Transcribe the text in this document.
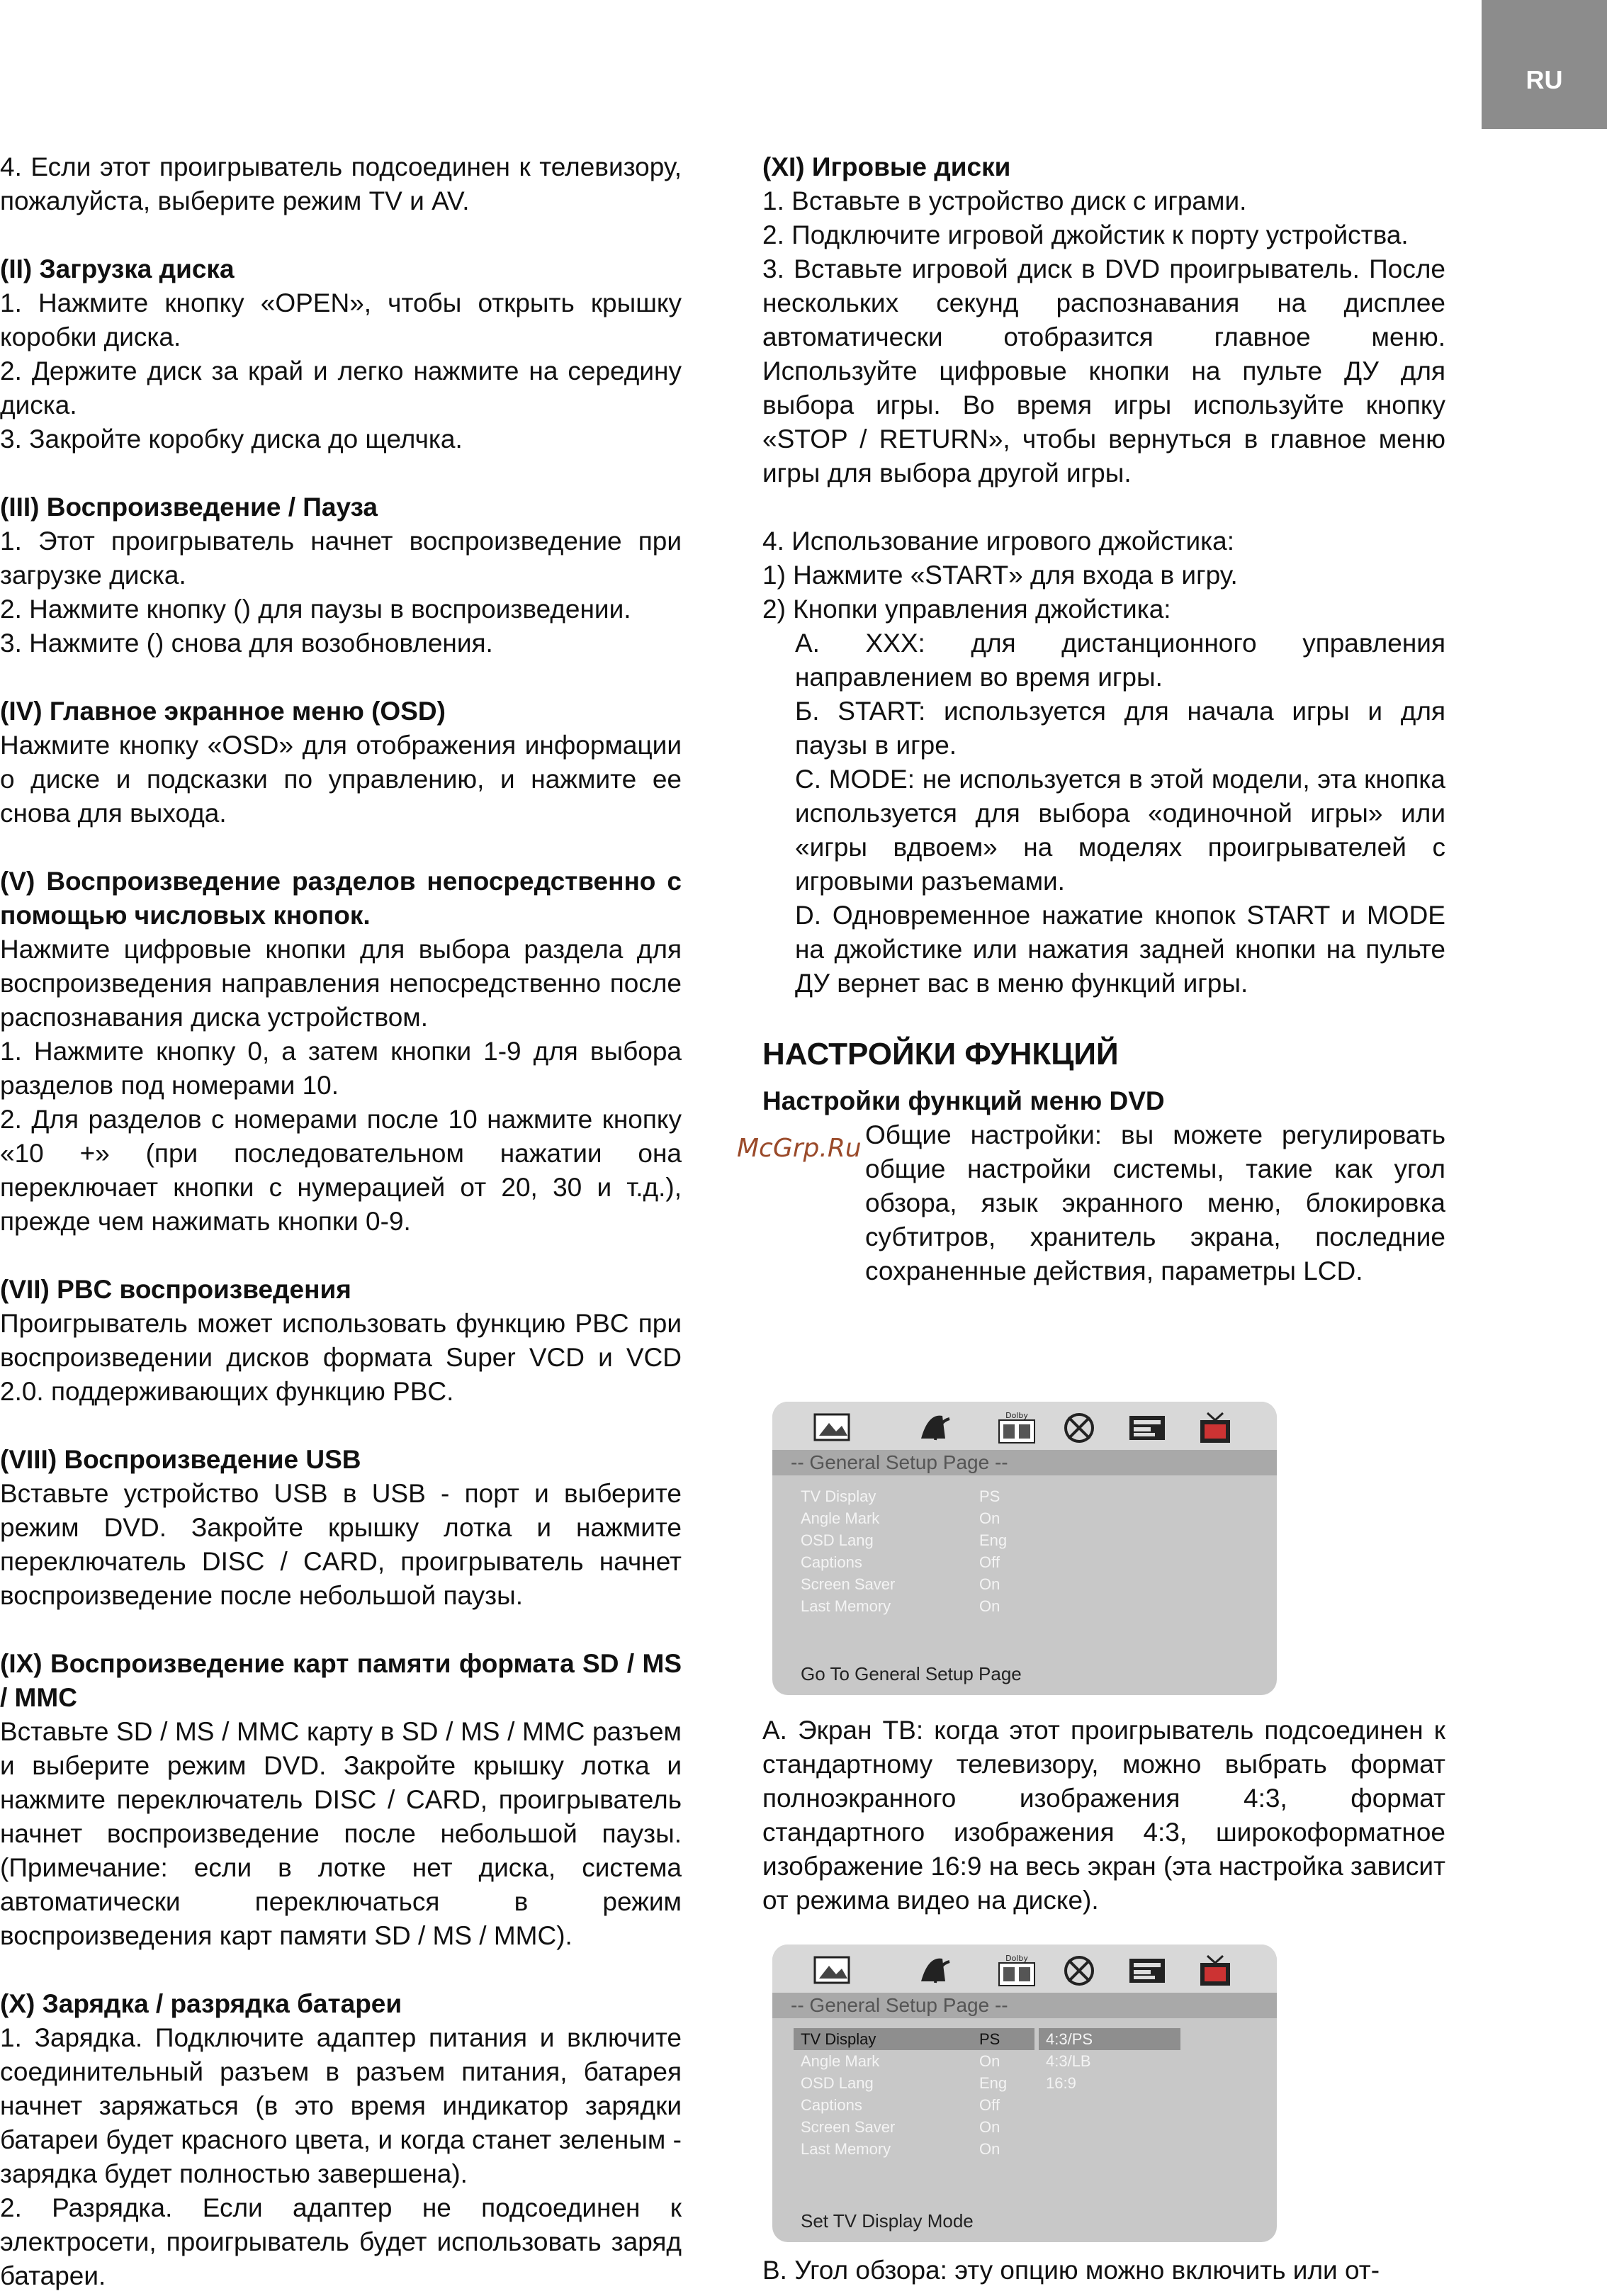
RU

4. Если этот проигрыватель подсоединен к телевизору, пожалуйста, выберите режим TV и AV.

(II) Загрузка диска

1. Нажмите кнопку «OPEN», чтобы открыть крышку коробки диска.

2. Держите диск за край и легко нажмите на середину диска.

3. Закройте коробку диска до щелчка.

(III) Воспроизведение / Пауза

1. Этот проигрыватель начнет воспроизведение при загрузке диска.

2. Нажмите кнопку () для паузы в воспроизведении.

3. Нажмите () снова для возобновления.

(IV) Главное экранное меню (OSD)

Нажмите кнопку «OSD» для отображения информации о диске и подсказки по управлению, и нажмите ее снова для выхода.

(V) Воспроизведение разделов непосредственно с помощью числовых кнопок.

Нажмите цифровые кнопки для выбора раздела для воспроизведения направления непосредственно после распознавания диска устройством.

1. Нажмите кнопку 0, а затем кнопки 1-9 для выбора разделов под номерами 10.

2. Для разделов с номерами после 10 нажмите кнопку «10 +» (при последовательном нажатии она переключает кнопки с нумерацией от 20, 30 и т.д.), прежде чем нажимать кнопки 0-9.

(VII) PBC воспроизведения

Проигрыватель может использовать функцию PBC при воспроизведении дисков формата Super VCD и VCD 2.0. поддерживающих функцию PBC.

(VIII) Воспроизведение USB

Вставьте устройство USB в USB - порт и выберите режим DVD. Закройте крышку лотка и нажмите переключатель DISC / CARD, проигрыватель начнет воспроизведение после небольшой паузы.

(IX) Воспроизведение карт памяти формата SD / MS / MMC

Вставьте SD / MS / MMC карту в SD / MS / MMC разъем и выберите режим DVD. Закройте крышку лотка и нажмите переключатель DISC / CARD, проигрыватель начнет воспроизведение после небольшой паузы. (Примечание: если в лотке нет диска, система автоматически переключаться в режим воспроизведения карт памяти SD / MS / MMC).

(X) Зарядка / разрядка батареи

1. Зарядка. Подключите адаптер питания и включите соединительный разъем в разъем питания, батарея начнет заряжаться (в это время индикатор зарядки батареи будет красного цвета, и когда станет зеленым - зарядка будет полностью завершена).

2. Разрядка. Если адаптер не подсоединен к электросети, проигрыватель будет использовать заряд батареи.

(XI) Игровые диски

1. Вставьте в устройство диск с играми.

2. Подключите игровой джойстик к порту устройства.

3. Вставьте игровой диск в DVD проигрыватель. После нескольких секунд распознавания на дисплее автоматически отобразится главное меню. Используйте цифровые кнопки на пульте ДУ для выбора игры. Во время игры используйте кнопку «STOP / RETURN», чтобы вернуться в главное меню игры для выбора другой игры.

4. Использование игрового джойстика:

1) Нажмите «START» для входа в игру.

2) Кнопки управления джойстика:

A. XXX: для дистанционного управления направлением во время игры.

Б. START: используется для начала игры и для паузы в игре.

C. MODE: не используется в этой модели, эта кнопка используется для выбора «одиночной игры» или «игры вдвоем» на моделях проигрывателей с игровыми разъемами.

D. Одновременное нажатие кнопок START и MODE на джойстике или нажатия задней кнопки на пульте ДУ вернет вас в меню функций игры.

НАСТРОЙКИ ФУНКЦИЙ

Настройки функций меню DVD

Общие настройки: вы можете регулировать общие настройки системы, такие как угол обзора, язык экранного меню, блокировка субтитров, хранитель экрана, последние сохраненные действия, параметры LCD.

McGrp.Ru
Dolby
-- General Setup Page --
TV Display
Angle Mark
OSD Lang
Captions
Screen Saver
Last Memory
PS
On
Eng
Off
On
On
Go To General Setup Page

A. Экран ТВ: когда этот проигрыватель подсоединен к стандартному телевизору, можно выбрать формат полноэкранного изображения 4:3, формат стандартного изображения 4:3, широкоформатное изображение 16:9 на весь экран (эта настройка зависит от режима видео на диске).

Dolby
-- General Setup Page --
TV Display
Angle Mark
OSD Lang
Captions
Screen Saver
Last Memory
PS
On
Eng
Off
On
On
4:3/PS
4:3/LB
16:9
Set TV Display Mode

B. Угол обзора: эту опцию можно включить или от-
